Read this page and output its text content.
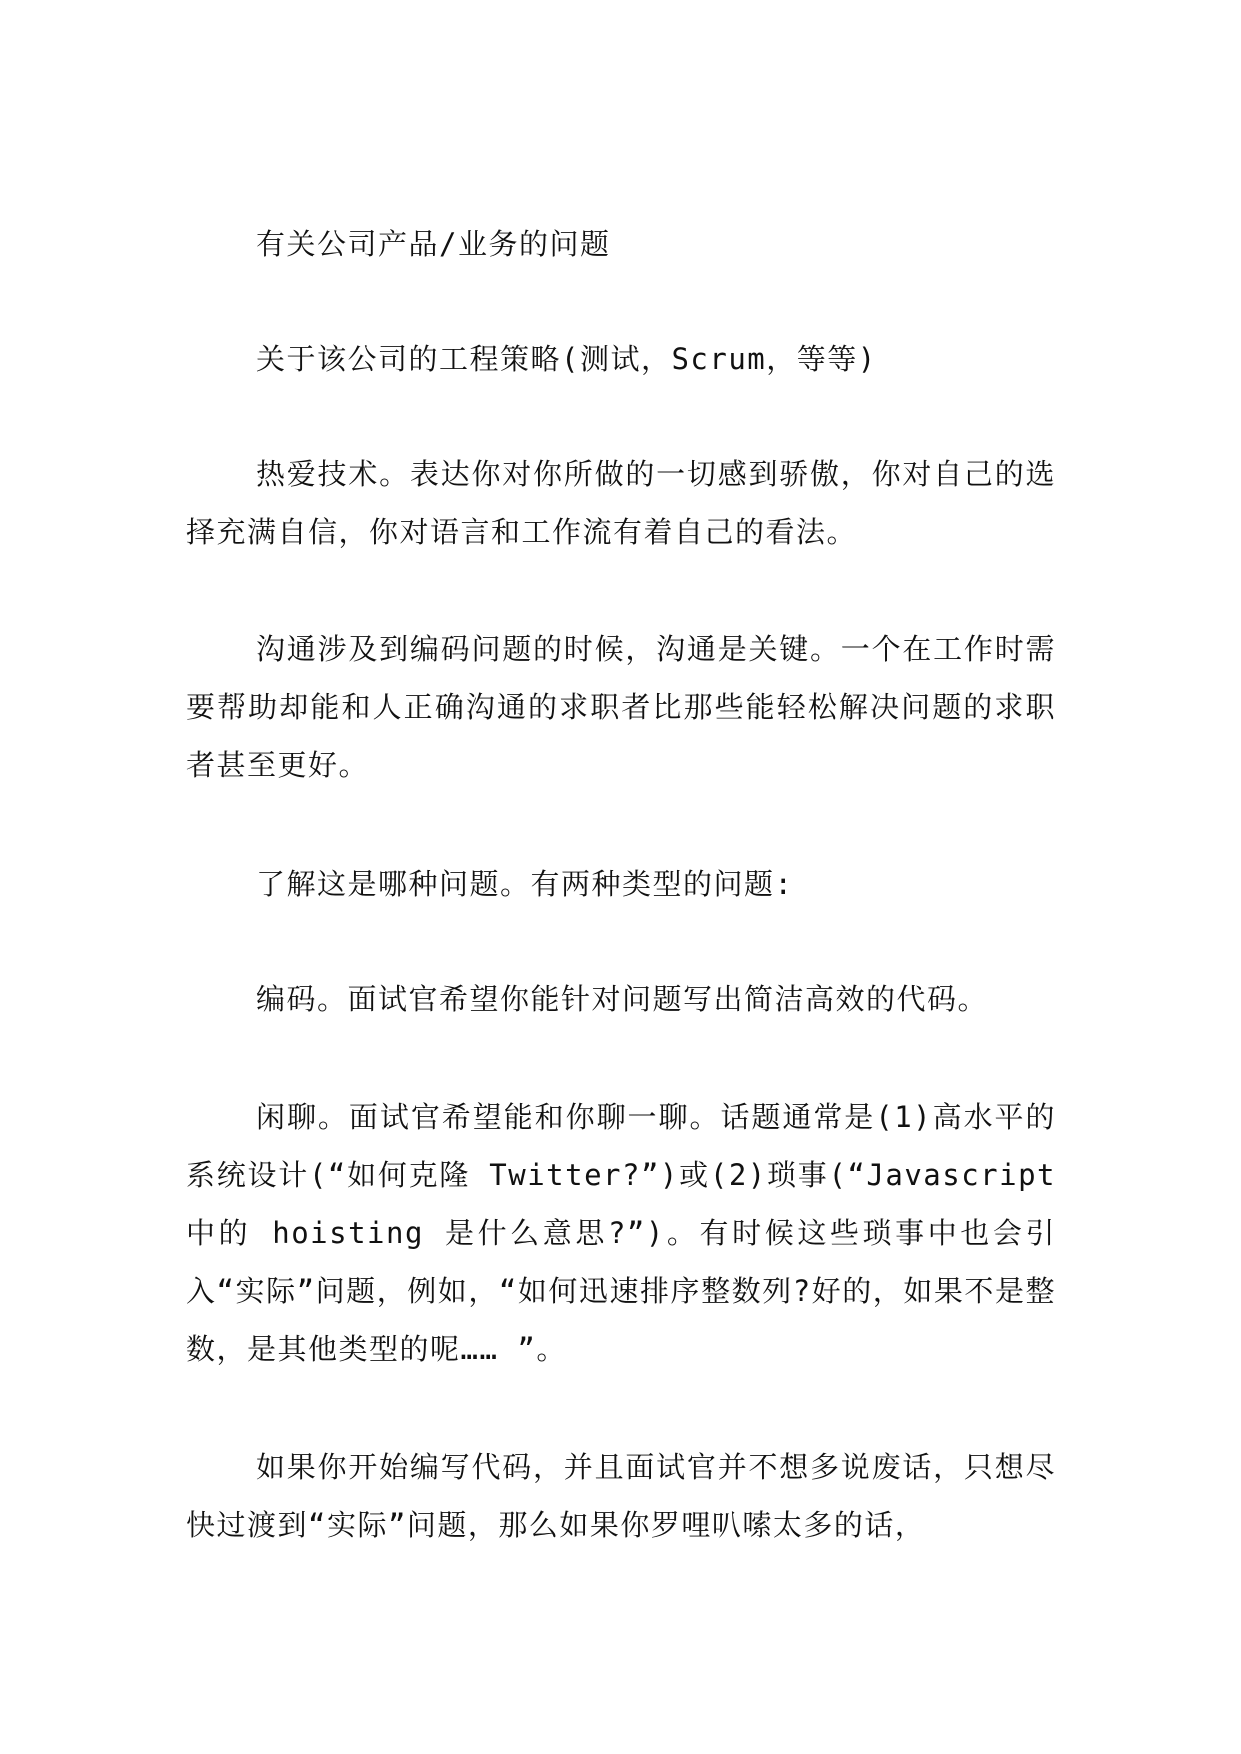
有关公司产品/业务的问题

关于该公司的工程策略(测试，Scrum，等等)

热爱技术。表达你对你所做的一切感到骄傲，你对自己的选择充满自信，你对语言和工作流有着自己的看法。

沟通涉及到编码问题的时候，沟通是关键。一个在工作时需要帮助却能和人正确沟通的求职者比那些能轻松解决问题的求职者甚至更好。

了解这是哪种问题。有两种类型的问题:

编码。面试官希望你能针对问题写出简洁高效的代码。

闲聊。面试官希望能和你聊一聊。话题通常是(1)高水平的系统设计(“如何克隆 Twitter?”)或(2)琐事(“Javascript 中的 hoisting 是什么意思?”)。有时候这些琐事中也会引入“实际”问题，例如，“如何迅速排序整数列?好的，如果不是整数，是其他类型的呢…… ”。

如果你开始编写代码，并且面试官并不想多说废话，只想尽快过渡到“实际”问题，那么如果你罗哩叭嗦太多的话，
